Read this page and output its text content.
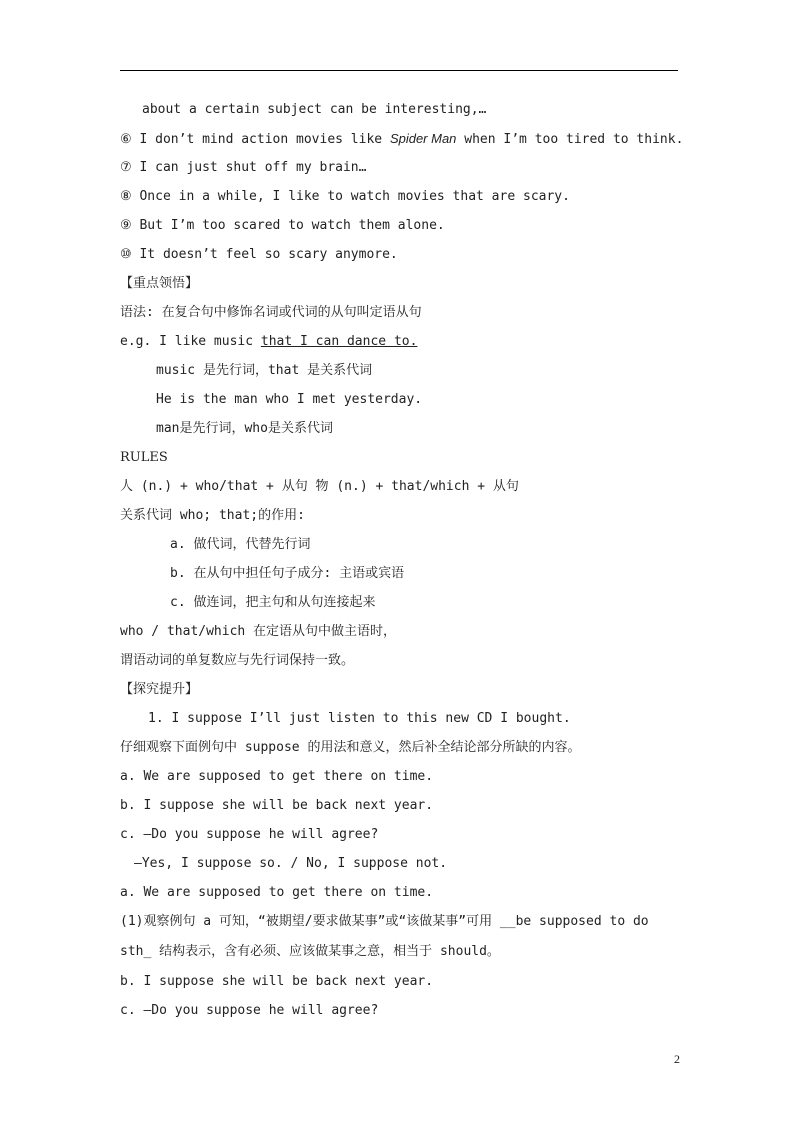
about a certain subject can be interesting,…
⑥ I don’t mind action movies like Spider Man when I’m too tired to think.
⑦ I can just shut off my brain…
⑧ Once in a while, I like to watch movies that are scary.
⑨ But I’m too scared to watch them alone.
⑩ It doesn’t feel so scary anymore.
【重点领悟】
语法: 在复合句中修饰名词或代词的从句叫定语从句
e.g. I like music that I can dance to.
music 是先行词，that 是关系代词
He is the man who I met yesterday.
man是先行词，who是关系代词
RULES
人 (n.) + who/that + 从句 物 (n.) + that/which + 从句
关系代词 who; that;的作用:
a. 做代词，代替先行词
b. 在从句中担任句子成分: 主语或宾语
c. 做连词，把主句和从句连接起来
who / that/which 在定语从句中做主语时，
谓语动词的单复数应与先行词保持一致。
【探究提升】
1. I suppose I’ll just listen to this new CD I bought.
仔细观察下面例句中 suppose 的用法和意义，然后补全结论部分所缺的内容。
a. We are supposed to get there on time.
b. I suppose she will be back next year.
c. —Do you suppose he will agree?
—Yes, I suppose so. / No, I suppose not.
a. We are supposed to get there on time.
(1)观察例句 a 可知，“被期望/要求做某事”或“该做某事”可用 __be supposed to do
sth_ 结构表示，含有必须、应该做某事之意，相当于 should。
b. I suppose she will be back next year.
c. —Do you suppose he will agree?
2
